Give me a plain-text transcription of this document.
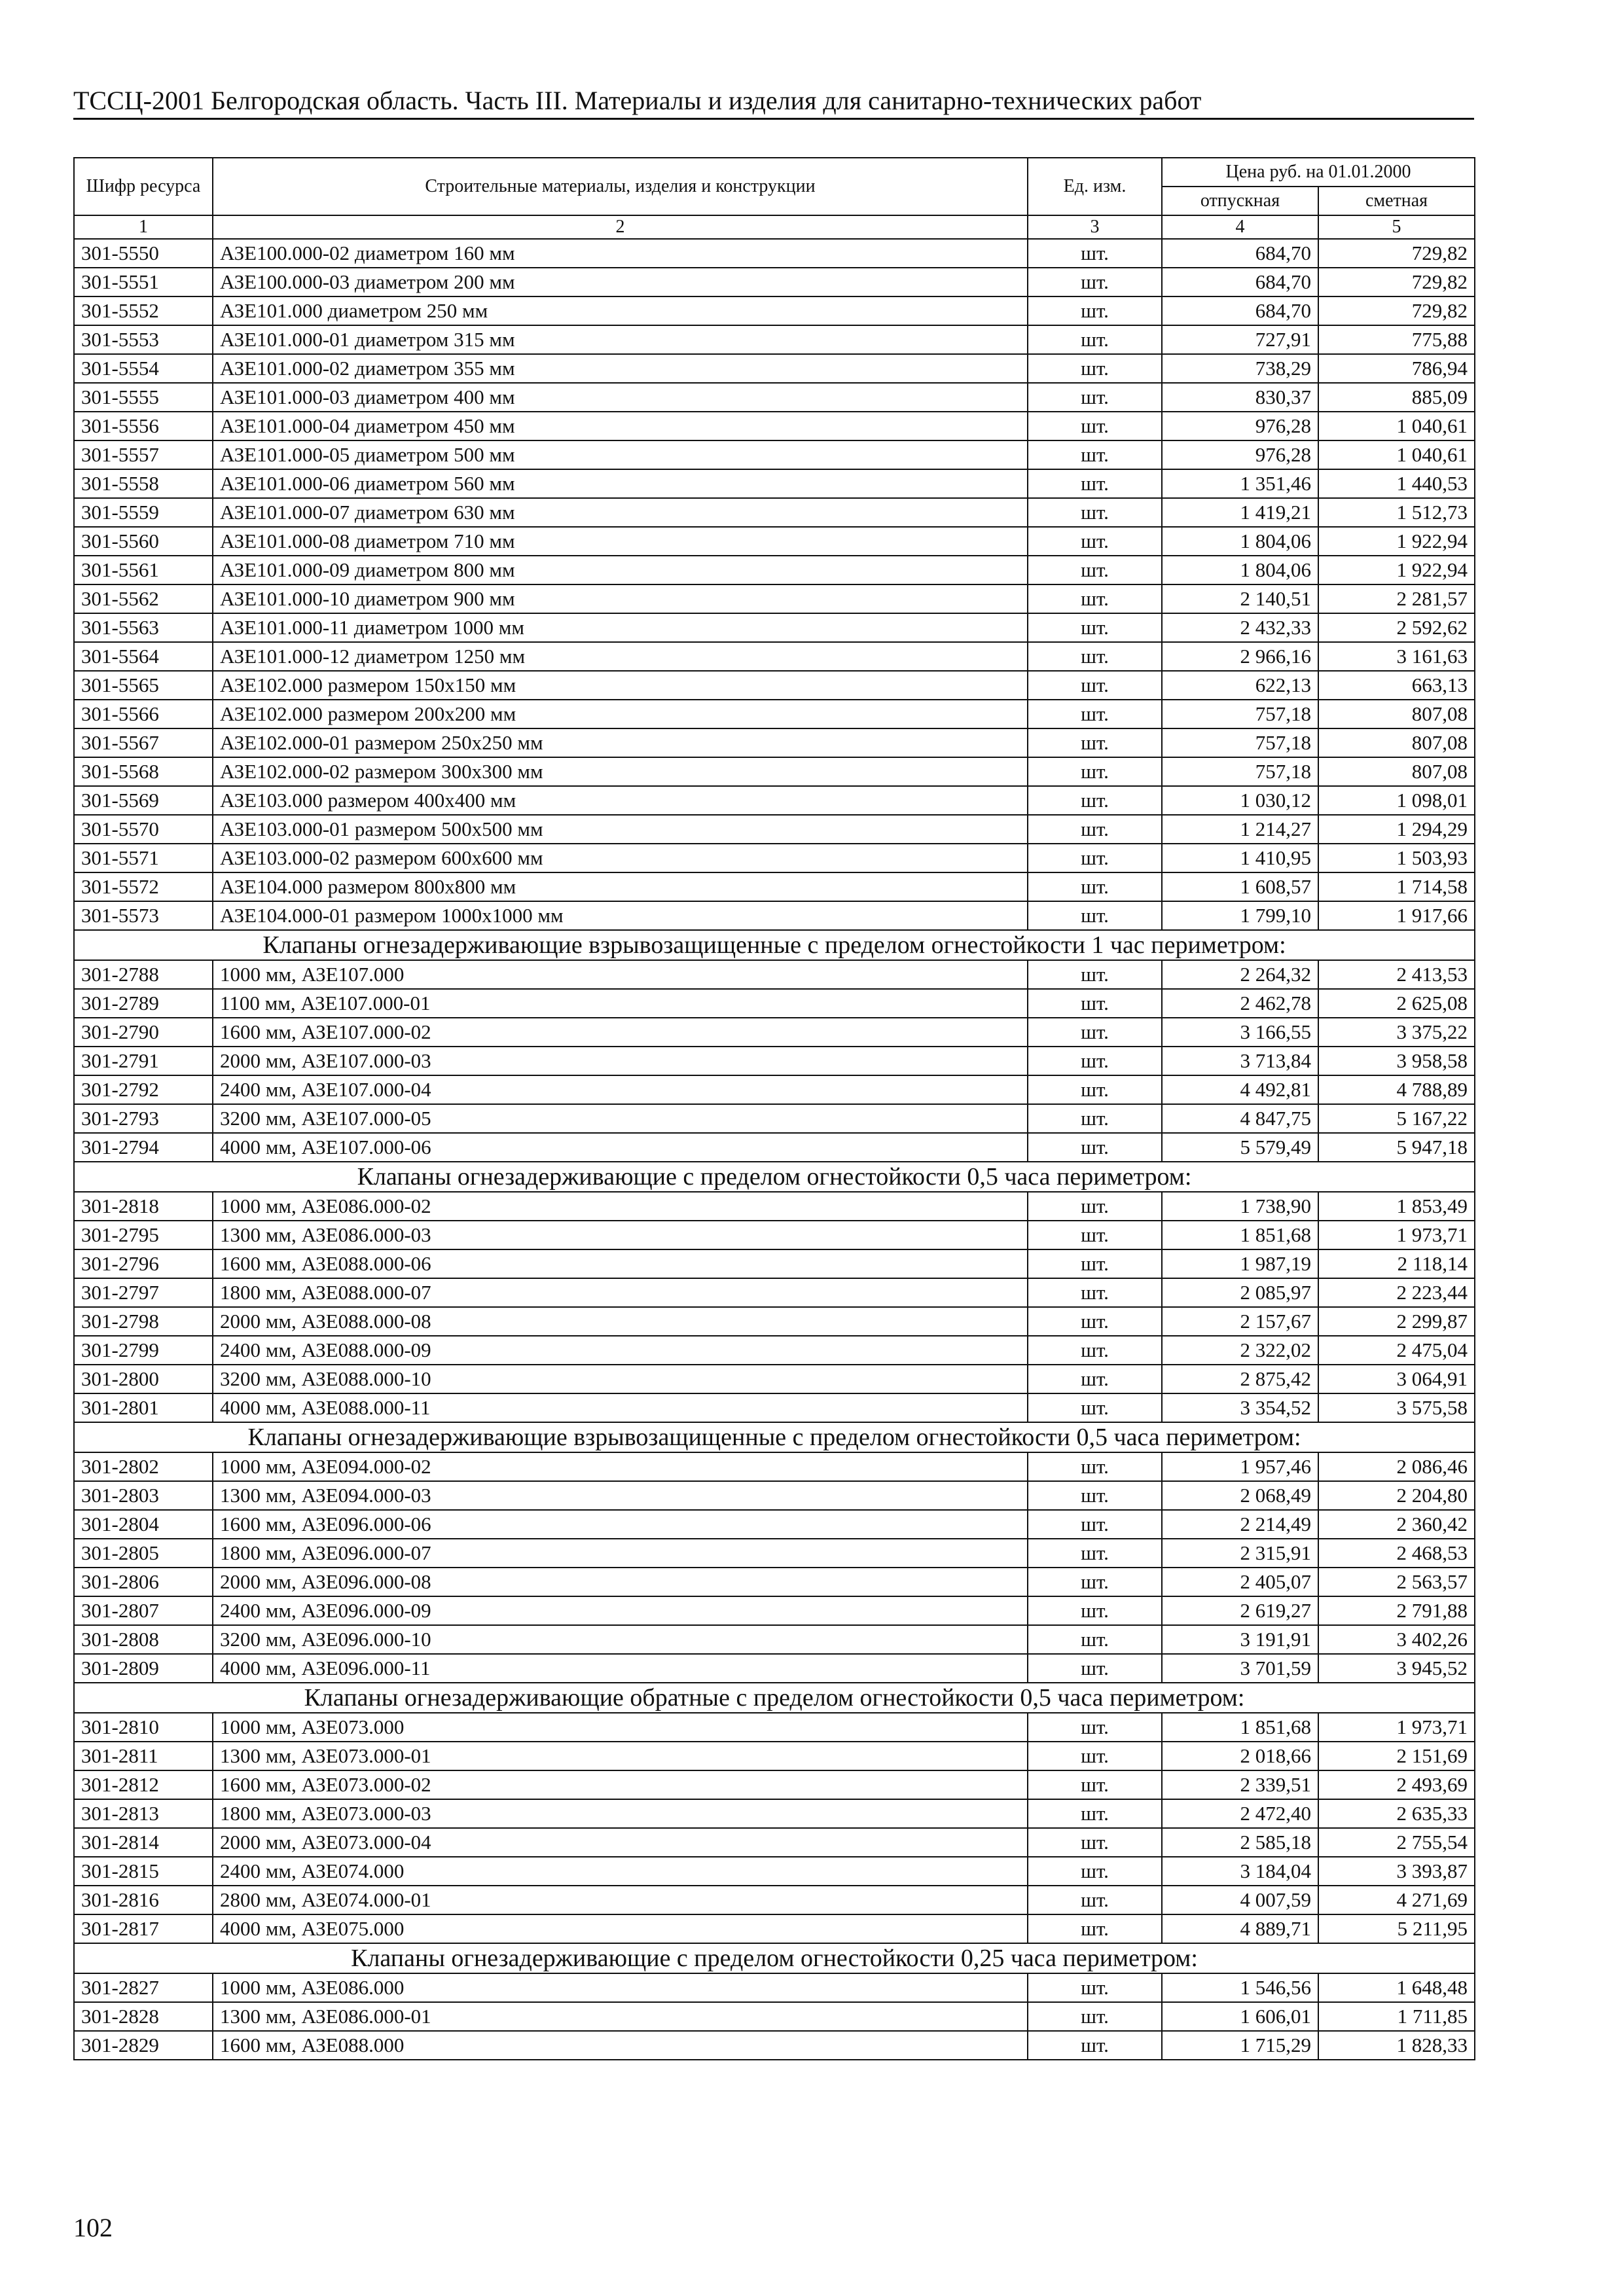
ТССЦ-2001 Белгородская область. Часть III. Материалы и изделия для санитарно-технических работ
Шифр ресурса	Строительные материалы, изделия и конструкции	Ед. изм.	Цена руб. на 01.01.2000	
			отпускная	сметная
1	2	3	4	5
301-5550	АЗЕ100.000-02 диаметром 160 мм	шт.	684,70	729,82
301-5551	АЗЕ100.000-03 диаметром 200 мм	шт.	684,70	729,82
301-5552	АЗЕ101.000 диаметром 250 мм	шт.	684,70	729,82
301-5553	АЗЕ101.000-01 диаметром 315 мм	шт.	727,91	775,88
301-5554	АЗЕ101.000-02 диаметром 355 мм	шт.	738,29	786,94
301-5555	АЗЕ101.000-03 диаметром 400 мм	шт.	830,37	885,09
301-5556	АЗЕ101.000-04 диаметром 450 мм	шт.	976,28	1 040,61
301-5557	АЗЕ101.000-05 диаметром 500 мм	шт.	976,28	1 040,61
301-5558	АЗЕ101.000-06 диаметром 560 мм	шт.	1 351,46	1 440,53
301-5559	АЗЕ101.000-07 диаметром 630 мм	шт.	1 419,21	1 512,73
301-5560	АЗЕ101.000-08 диаметром 710 мм	шт.	1 804,06	1 922,94
301-5561	АЗЕ101.000-09 диаметром 800 мм	шт.	1 804,06	1 922,94
301-5562	АЗЕ101.000-10 диаметром 900 мм	шт.	2 140,51	2 281,57
301-5563	АЗЕ101.000-11 диаметром 1000 мм	шт.	2 432,33	2 592,62
301-5564	АЗЕ101.000-12 диаметром 1250 мм	шт.	2 966,16	3 161,63
301-5565	АЗЕ102.000 размером 150x150 мм	шт.	622,13	663,13
301-5566	АЗЕ102.000 размером 200x200 мм	шт.	757,18	807,08
301-5567	АЗЕ102.000-01 размером 250x250 мм	шт.	757,18	807,08
301-5568	АЗЕ102.000-02 размером 300x300 мм	шт.	757,18	807,08
301-5569	АЗЕ103.000 размером 400x400 мм	шт.	1 030,12	1 098,01
301-5570	АЗЕ103.000-01 размером 500x500 мм	шт.	1 214,27	1 294,29
301-5571	АЗЕ103.000-02 размером 600x600 мм	шт.	1 410,95	1 503,93
301-5572	АЗЕ104.000 размером 800x800 мм	шт.	1 608,57	1 714,58
301-5573	АЗЕ104.000-01 размером 1000x1000 мм	шт.	1 799,10	1 917,66
Клапаны огнезадерживающие взрывозащищенные с пределом огнестойкости 1 час периметром:				
301-2788	1000 мм, АЗЕ107.000	шт.	2 264,32	2 413,53
301-2789	1100 мм, АЗЕ107.000-01	шт.	2 462,78	2 625,08
301-2790	1600 мм, АЗЕ107.000-02	шт.	3 166,55	3 375,22
301-2791	2000 мм, АЗЕ107.000-03	шт.	3 713,84	3 958,58
301-2792	2400 мм, АЗЕ107.000-04	шт.	4 492,81	4 788,89
301-2793	3200 мм, АЗЕ107.000-05	шт.	4 847,75	5 167,22
301-2794	4000 мм, АЗЕ107.000-06	шт.	5 579,49	5 947,18
Клапаны огнезадерживающие с пределом огнестойкости 0,5 часа периметром:				
301-2818	1000 мм, АЗЕ086.000-02	шт.	1 738,90	1 853,49
301-2795	1300 мм, АЗЕ086.000-03	шт.	1 851,68	1 973,71
301-2796	1600 мм, АЗЕ088.000-06	шт.	1 987,19	2 118,14
301-2797	1800 мм, АЗЕ088.000-07	шт.	2 085,97	2 223,44
301-2798	2000 мм, АЗЕ088.000-08	шт.	2 157,67	2 299,87
301-2799	2400 мм, АЗЕ088.000-09	шт.	2 322,02	2 475,04
301-2800	3200 мм, АЗЕ088.000-10	шт.	2 875,42	3 064,91
301-2801	4000 мм, АЗЕ088.000-11	шт.	3 354,52	3 575,58
Клапаны огнезадерживающие взрывозащищенные с пределом огнестойкости 0,5 часа периметром:				
301-2802	1000 мм, АЗЕ094.000-02	шт.	1 957,46	2 086,46
301-2803	1300 мм, АЗЕ094.000-03	шт.	2 068,49	2 204,80
301-2804	1600 мм, АЗЕ096.000-06	шт.	2 214,49	2 360,42
301-2805	1800 мм, АЗЕ096.000-07	шт.	2 315,91	2 468,53
301-2806	2000 мм, АЗЕ096.000-08	шт.	2 405,07	2 563,57
301-2807	2400 мм, АЗЕ096.000-09	шт.	2 619,27	2 791,88
301-2808	3200 мм, АЗЕ096.000-10	шт.	3 191,91	3 402,26
301-2809	4000 мм, АЗЕ096.000-11	шт.	3 701,59	3 945,52
Клапаны огнезадерживающие обратные с пределом огнестойкости 0,5 часа периметром:				
301-2810	1000 мм, АЗЕ073.000	шт.	1 851,68	1 973,71
301-2811	1300 мм, АЗЕ073.000-01	шт.	2 018,66	2 151,69
301-2812	1600 мм, АЗЕ073.000-02	шт.	2 339,51	2 493,69
301-2813	1800 мм, АЗЕ073.000-03	шт.	2 472,40	2 635,33
301-2814	2000 мм, АЗЕ073.000-04	шт.	2 585,18	2 755,54
301-2815	2400 мм, АЗЕ074.000	шт.	3 184,04	3 393,87
301-2816	2800 мм, АЗЕ074.000-01	шт.	4 007,59	4 271,69
301-2817	4000 мм, АЗЕ075.000	шт.	4 889,71	5 211,95
Клапаны огнезадерживающие с пределом огнестойкости 0,25 часа периметром:				
301-2827	1000 мм, АЗЕ086.000	шт.	1 546,56	1 648,48
301-2828	1300 мм, АЗЕ086.000-01	шт.	1 606,01	1 711,85
301-2829	1600 мм, АЗЕ088.000	шт.	1 715,29	1 828,33
102
